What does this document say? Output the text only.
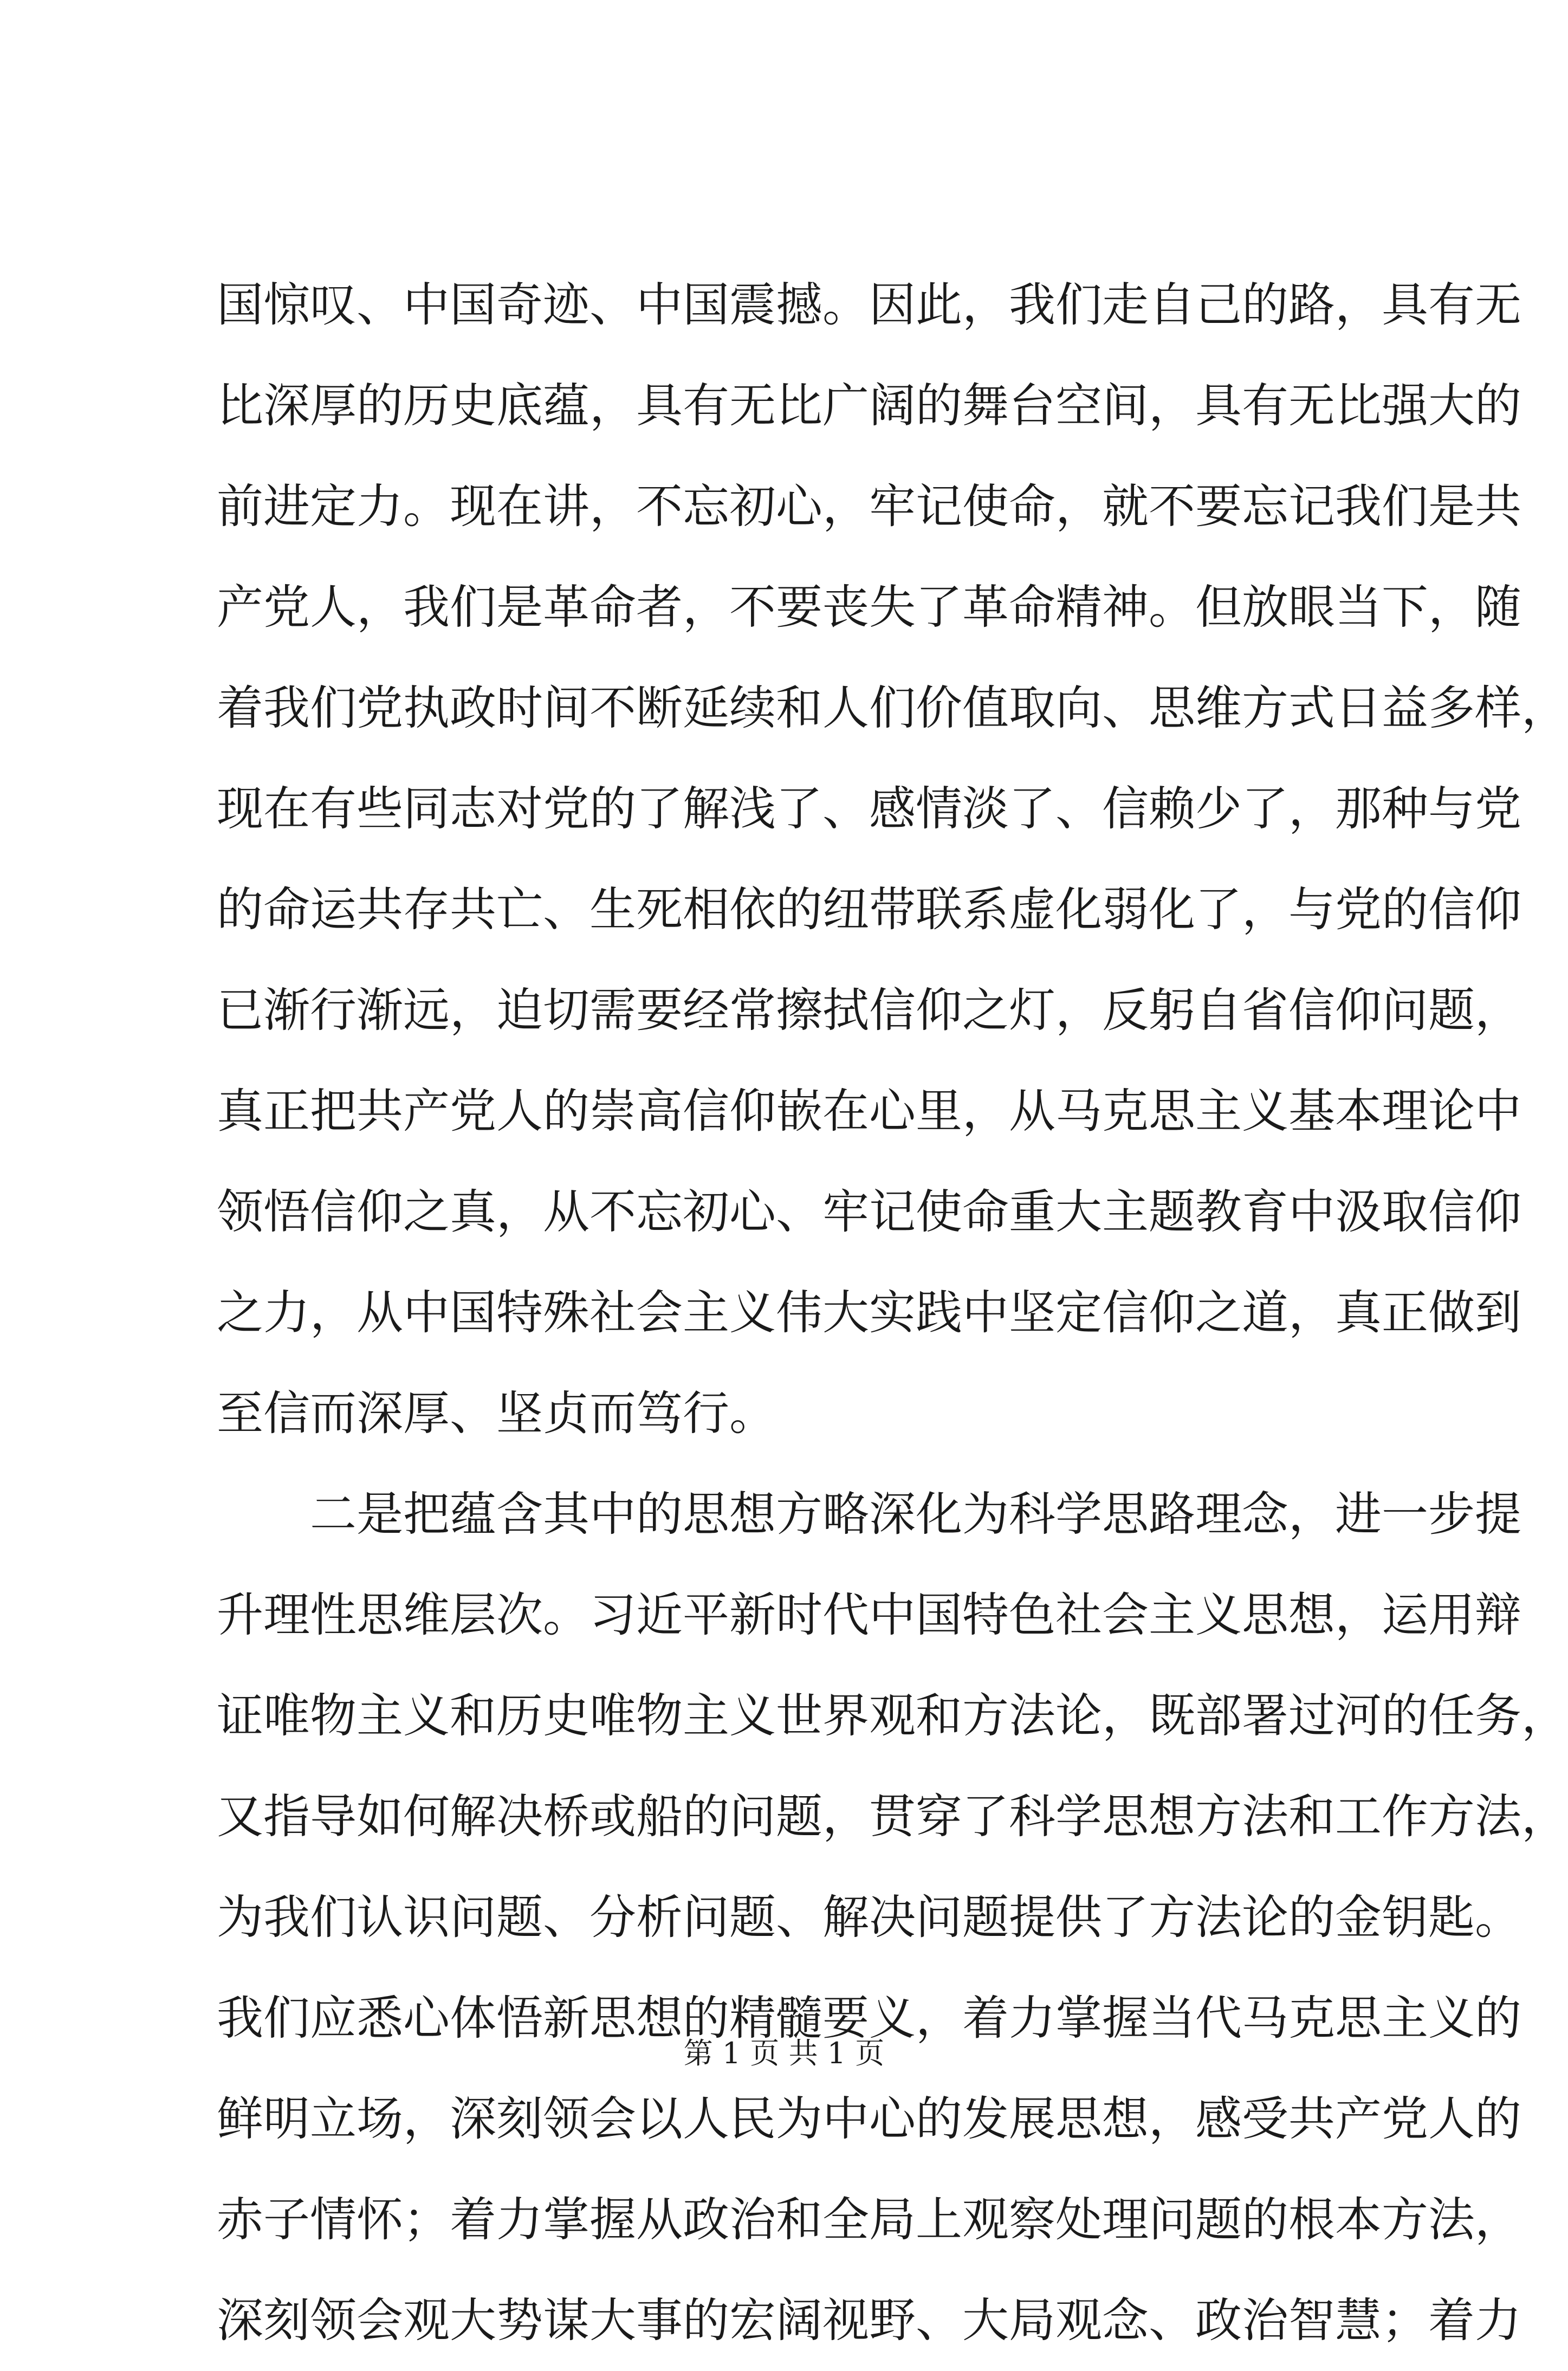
国惊叹、中国奇迹、中国震撼。因此，我们走自己的路，具有无
比深厚的历史底蕴，具有无比广阔的舞台空间，具有无比强大的
前进定力。现在讲，不忘初心，牢记使命，就不要忘记我们是共
产党人，我们是革命者，不要丧失了革命精神。但放眼当下，随
着我们党执政时间不断延续和人们价值取向、思维方式日益多样，
现在有些同志对党的了解浅了、感情淡了、信赖少了，那种与党
的命运共存共亡、生死相依的纽带联系虚化弱化了，与党的信仰
已渐行渐远，迫切需要经常擦拭信仰之灯，反躬自省信仰问题，
真正把共产党人的崇高信仰嵌在心里，从马克思主义基本理论中
领悟信仰之真，从不忘初心、牢记使命重大主题教育中汲取信仰
之力，从中国特殊社会主义伟大实践中坚定信仰之道，真正做到
至信而深厚、坚贞而笃行。
　　二是把蕴含其中的思想方略深化为科学思路理念，进一步提
升理性思维层次。习近平新时代中国特色社会主义思想，运用辩
证唯物主义和历史唯物主义世界观和方法论，既部署过河的任务，
又指导如何解决桥或船的问题，贯穿了科学思想方法和工作方法，
为我们认识问题、分析问题、解决问题提供了方法论的金钥匙。
我们应悉心体悟新思想的精髓要义，着力掌握当代马克思主义的
鲜明立场，深刻领会以人民为中心的发展思想，感受共产党人的
赤子情怀；着力掌握从政治和全局上观察处理问题的根本方法，
深刻领会观大势谋大事的宏阔视野、大局观念、政治智慧；着力
第 1 页 共 1 页
